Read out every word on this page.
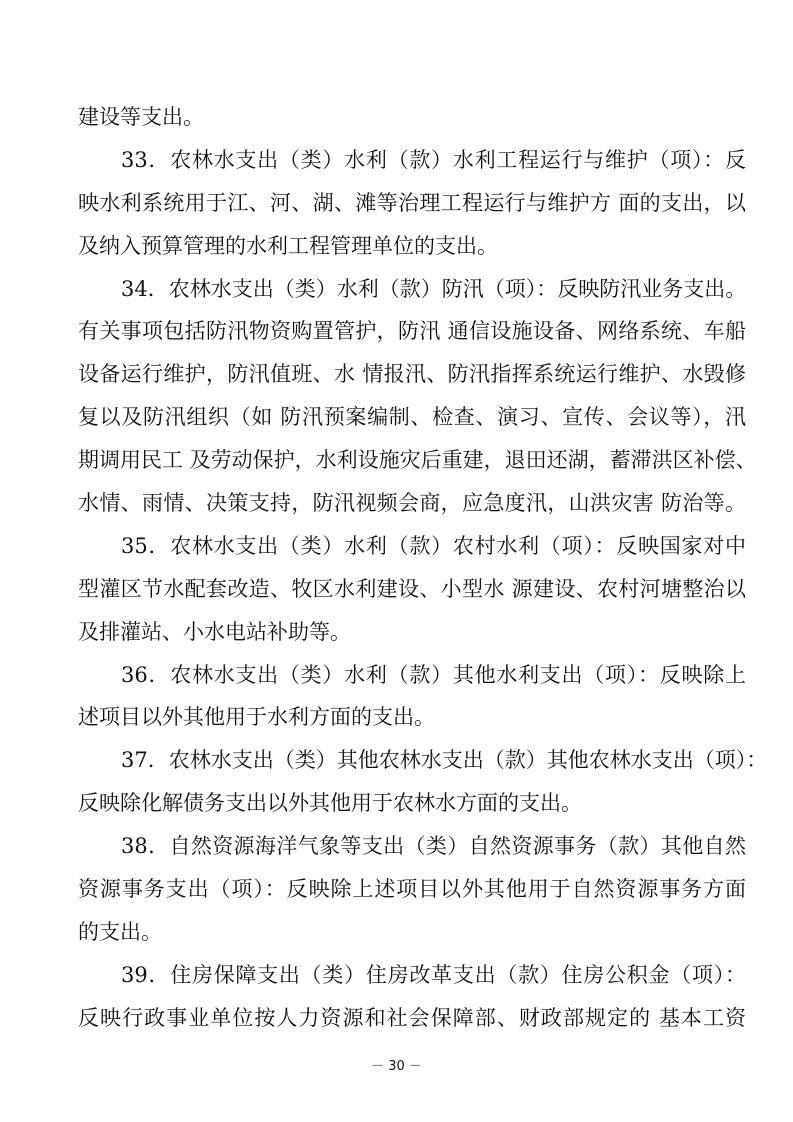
建设等支出。
33．农林水支出（类）水利（款）水利工程运行与维护（项）：反
映水利系统用于江、河、湖、滩等治理工程运行与维护方 面的支出，以
及纳入预算管理的水利工程管理单位的支出。
34．农林水支出（类）水利（款）防汛（项）：反映防汛业务支出。
有关事项包括防汛物资购置管护，防汛 通信设施设备、网络系统、车船
设备运行维护，防汛值班、水 情报汛、防汛指挥系统运行维护、水毁修
复以及防汛组织（如 防汛预案编制、检查、演习、宣传、会议等），汛
期调用民工 及劳动保护，水利设施灾后重建，退田还湖，蓄滞洪区补偿、
水情、雨情、决策支持，防汛视频会商，应急度汛，山洪灾害 防治等。
35．农林水支出（类）水利（款）农村水利（项）：反映国家对中
型灌区节水配套改造、牧区水利建设、小型水 源建设、农村河塘整治以
及排灌站、小水电站补助等。
36．农林水支出（类）水利（款）其他水利支出（项）：反映除上
述项目以外其他用于水利方面的支出。
37．农林水支出（类）其他农林水支出（款）其他农林水支出（项）：
反映除化解债务支出以外其他用于农林水方面的支出。
38．自然资源海洋气象等支出（类）自然资源事务（款）其他自然
资源事务支出（项）：反映除上述项目以外其他用于自然资源事务方面
的支出。
39．住房保障支出（类）住房改革支出（款）住房公积金（项）：
反映行政事业单位按人力资源和社会保障部、财政部规定的 基本工资
－ 30 －
